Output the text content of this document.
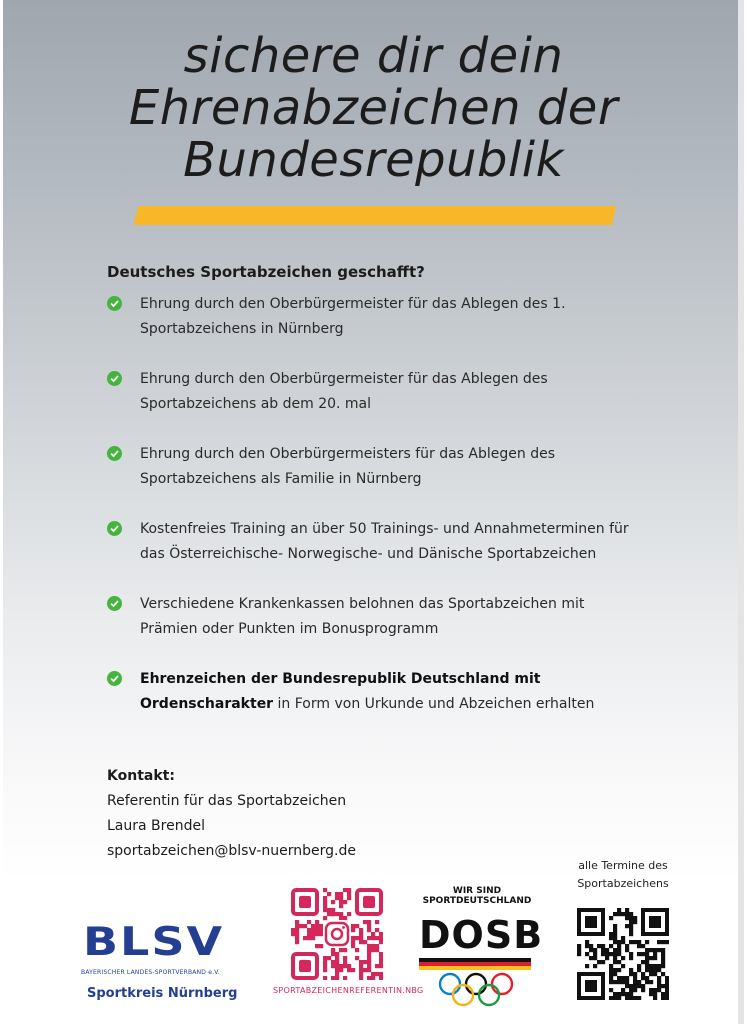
sichere dir dein
Ehrenabzeichen der
Bundesrepublik
Deutsches Sportabzeichen geschafft?
Ehrung durch den Oberbürgermeister für das Ablegen des 1.
Sportabzeichens in Nürnberg
Ehrung durch den Oberbürgermeister für das Ablegen des
Sportabzeichens ab dem 20. mal
Ehrung durch den Oberbürgermeisters für das Ablegen des
Sportabzeichens als Familie in Nürnberg
Kostenfreies Training an über 50 Trainings- und Annahmeterminen für
das Österreichische- Norwegische- und Dänische Sportabzeichen
Verschiedene Krankenkassen belohnen das Sportabzeichen mit
Prämien oder Punkten im Bonusprogramm
Ehrenzeichen der Bundesrepublik Deutschland mit
Ordenscharakter in Form von Urkunde und Abzeichen erhalten
Kontakt:
Referentin für das Sportabzeichen
Laura Brendel
sportabzeichen@blsv-nuernberg.de
alle Termine des
Sportabzeichens
BLSV
BAYERISCHER LANDES-SPORTVERBAND e.V.
Sportkreis Nürnberg	SPORTABZEICHENREFERENTIN.NBG
WIR SIND
SPORTDEUTSCHLAND
DOSB
